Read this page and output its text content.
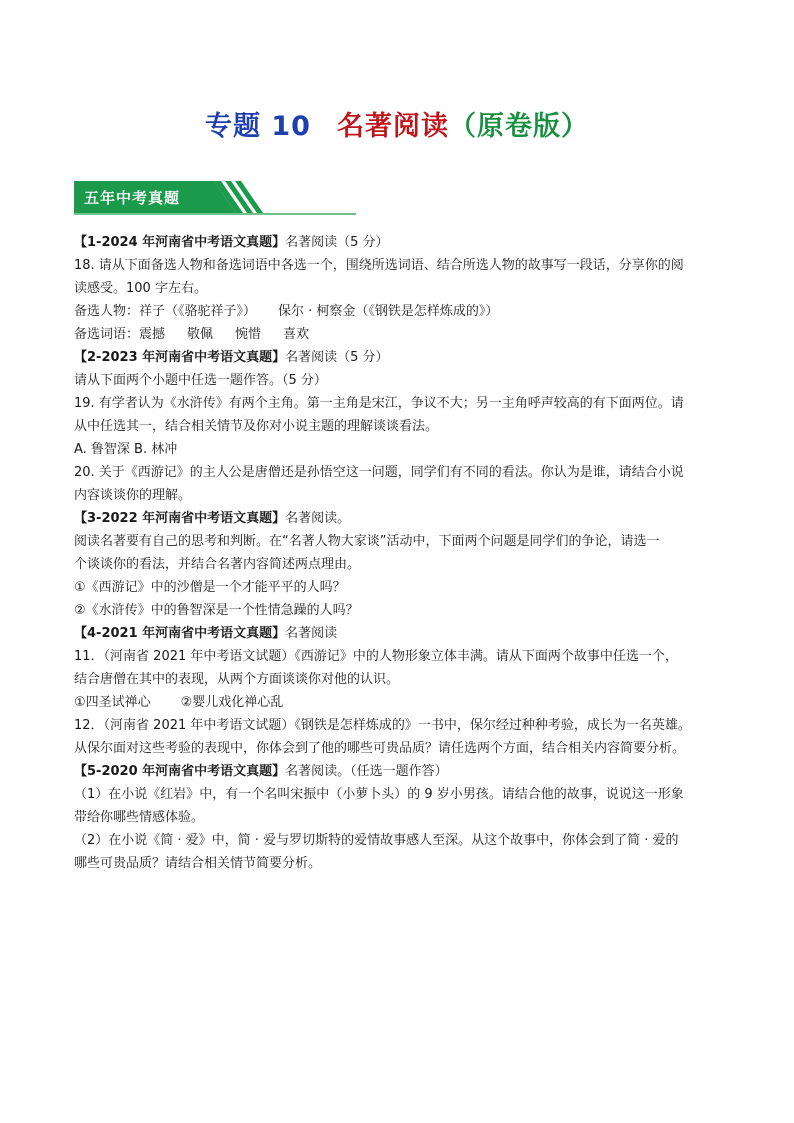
专题 10 名著阅读（原卷版）
五年中考真题

【1-2024 年河南省中考语文真题】名著阅读（5 分）

18. 请从下面备选人物和备选词语中各选一个，围绕所选词语、结合所选人物的故事写一段话，分享你的阅

读感受。100 字左右。

备选人物：祥子（《骆驼祥子》） 保尔 · 柯察金（《钢铁是怎样炼成的》）

备选词语：震撼 敬佩 惋惜 喜欢

【2-2023 年河南省中考语文真题】名著阅读（5 分）

请从下面两个小题中任选一题作答。（5 分）

19. 有学者认为《水浒传》有两个主角。第一主角是宋江，争议不大；另一主角呼声较高的有下面两位。请

从中任选其一，结合相关情节及你对小说主题的理解谈谈看法。

A. 鲁智深 B. 林冲

20. 关于《西游记》的主人公是唐僧还是孙悟空这一问题，同学们有不同的看法。你认为是谁，请结合小说

内容谈谈你的理解。

【3-2022 年河南省中考语文真题】名著阅读。

阅读名著要有自己的思考和判断。在“名著人物大家谈”活动中，下面两个问题是同学们的争论，请选一

个谈谈你的看法，并结合名著内容简述两点理由。

①《西游记》中的沙僧是一个才能平平的人吗？

②《水浒传》中的鲁智深是一个性情急躁的人吗？

【4-2021 年河南省中考语文真题】名著阅读

11．（河南省 2021 年中考语文试题）《西游记》中的人物形象立体丰满。请从下面两个故事中任选一个，

结合唐僧在其中的表现，从两个方面谈谈你对他的认识。

①四圣试禅心 ②婴儿戏化禅心乱

12．（河南省 2021 年中考语文试题）《钢铁是怎样炼成的》一书中，保尔经过种种考验，成长为一名英雄。

从保尔面对这些考验的表现中，你体会到了他的哪些可贵品质？请任选两个方面，结合相关内容简要分析。

【5-2020 年河南省中考语文真题】名著阅读。（任选一题作答）

（1）在小说《红岩》中，有一个名叫宋振中（小萝卜头）的 9 岁小男孩。请结合他的故事，说说这一形象

带给你哪些情感体验。

（2）在小说《简 · 爱》中，简 · 爱与罗切斯特的爱情故事感人至深。从这个故事中，你体会到了简 · 爱的

哪些可贵品质？请结合相关情节简要分析。
